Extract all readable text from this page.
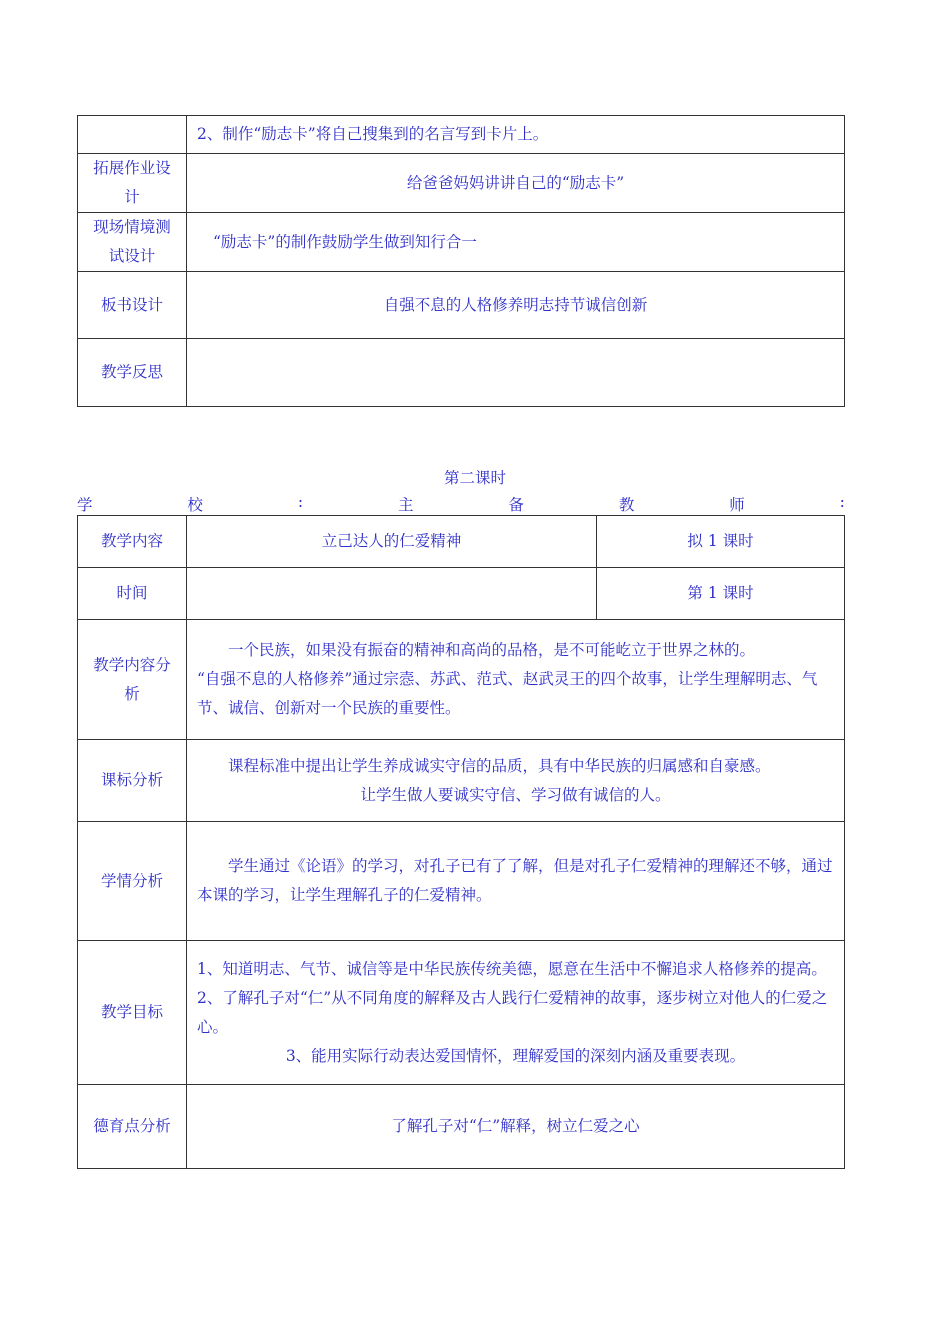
	2、制作“励志卡”将自己搜集到的名言写到卡片上。
拓展作业设计	给爸爸妈妈讲讲自己的“励志卡”
现场情境测试设计	“励志卡”的制作鼓励学生做到知行合一
板书设计	自强不息的人格修养明志持节诚信创新
教学反思	
第二课时
学	校	:	主	备	教	师	:
教学内容	立己达人的仁爱精神	拟 1 课时
时间		第 1 课时
教学内容分析	一个民族，如果没有振奋的精神和高尚的品格，是不可能屹立于世界之林的。

“自强不息的人格修养”通过宗悫、苏武、范式、赵武灵王的四个故事，让学生理解明志、气节、诚信、创新对一个民族的重要性。	

课标分析	课程标准中提出让学生养成诚实守信的品质，具有中华民族的归属感和自豪感。

让学生做人要诚实守信、学习做有诚信的人。	

学情分析	学生通过《论语》的学习，对孔子已有了了解，但是对孔子仁爱精神的理解还不够，通过本课的学习，让学生理解孔子的仁爱精神。	

教学目标	1、知道明志、气节、诚信等是中华民族传统美德，愿意在生活中不懈追求人格修养的提高。

2、了解孔子对“仁”从不同角度的解释及古人践行仁爱精神的故事，逐步树立对他人的仁爱之心。

3、能用实际行动表达爱国情怀，理解爱国的深刻内涵及重要表现。	

德育点分析	了解孔子对“仁”解释，树立仁爱之心	
